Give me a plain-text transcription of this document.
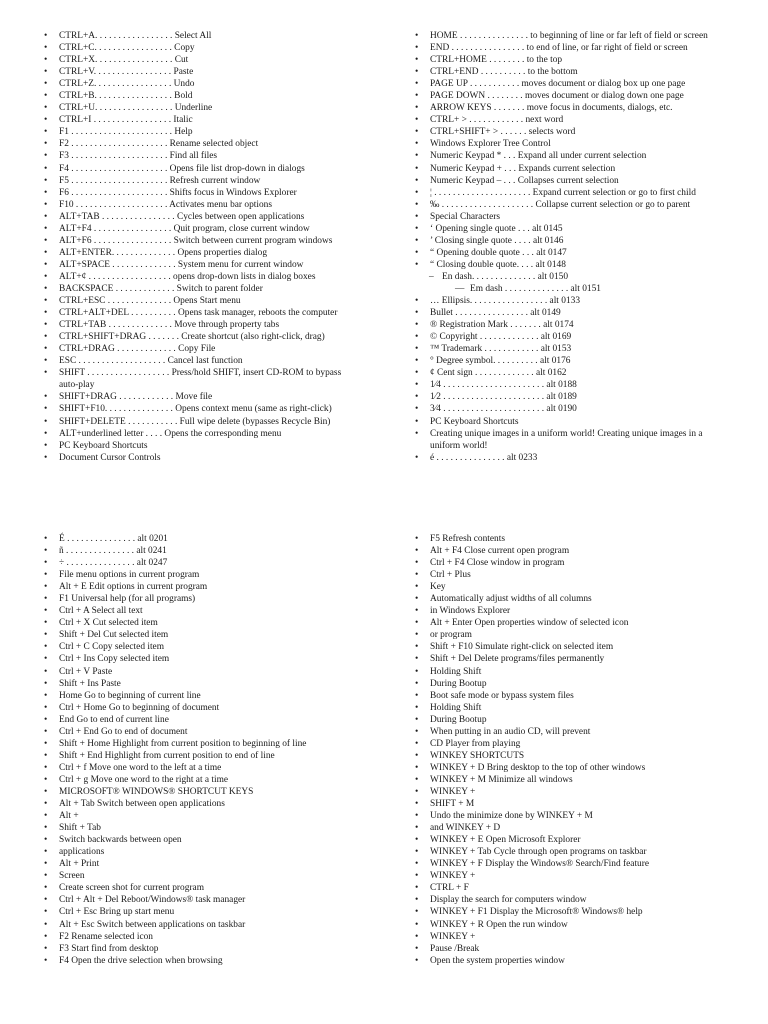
• CTRL+A. . . . . . . . . . . . . . . . . Select All
• CTRL+C. . . . . . . . . . . . . . . . . Copy
• CTRL+X. . . . . . . . . . . . . . . . . Cut
• CTRL+V. . . . . . . . . . . . . . . . . Paste
• CTRL+Z. . . . . . . . . . . . . . . . . Undo
• CTRL+B. . . . . . . . . . . . . . . . . Bold
• CTRL+U. . . . . . . . . . . . . . . . . Underline
• CTRL+I . . . . . . . . . . . . . . . . . Italic
• F1 . . . . . . . . . . . . . . . . . . . . . . Help
• F2 . . . . . . . . . . . . . . . . . . . . . Rename selected object
• F3 . . . . . . . . . . . . . . . . . . . . . Find all files
• F4 . . . . . . . . . . . . . . . . . . . . . Opens file list drop-down in dialogs
• F5 . . . . . . . . . . . . . . . . . . . . . Refresh current window
• F6 . . . . . . . . . . . . . . . . . . . . . Shifts focus in Windows Explorer
• F10 . . . . . . . . . . . . . . . . . . . . Activates menu bar options
• ALT+TAB . . . . . . . . . . . . . . . . Cycles between open applications
• ALT+F4 . . . . . . . . . . . . . . . . . Quit program, close current window
• ALT+F6 . . . . . . . . . . . . . . . . . Switch between current program windows
• ALT+ENTER. . . . . . . . . . . . . . Opens properties dialog
• ALT+SPACE . . . . . . . . . . . . . . System menu for current window
• ALT+¢ . . . . . . . . . . . . . . . . . . opens drop-down lists in dialog boxes
• BACKSPACE . . . . . . . . . . . . . Switch to parent folder
• CTRL+ESC . . . . . . . . . . . . . . Opens Start menu
• CTRL+ALT+DEL . . . . . . . . . . Opens task manager, reboots the computer
• CTRL+TAB . . . . . . . . . . . . . . Move through property tabs
• CTRL+SHIFT+DRAG . . . . . . . Create shortcut (also right-click, drag)
• CTRL+DRAG . . . . . . . . . . . . . Copy File
• ESC . . . . . . . . . . . . . . . . . . . Cancel last function
• SHIFT . . . . . . . . . . . . . . . . . . Press/hold SHIFT, insert CD-ROM to bypass auto-play
• SHIFT+DRAG . . . . . . . . . . . . Move file
• SHIFT+F10. . . . . . . . . . . . . . . Opens context menu (same as right-click)
• SHIFT+DELETE . . . . . . . . . . . Full wipe delete (bypasses Recycle Bin)
• ALT+underlined letter . . . . Opens the corresponding menu
• PC Keyboard Shortcuts
• Document Cursor Controls
• HOME . . . . . . . . . . . . . . . to beginning of line or far left of field or screen
• END . . . . . . . . . . . . . . . . to end of line, or far right of field or screen
• CTRL+HOME . . . . . . . . to the top
• CTRL+END . . . . . . . . . . to the bottom
• PAGE UP . . . . . . . . . . . moves document or dialog box up one page
• PAGE DOWN . . . . . . . . moves document or dialog down one page
• ARROW KEYS . . . . . . . move focus in documents, dialogs, etc.
• CTRL+ > . . . . . . . . . . . . next word
• CTRL+SHIFT+ > . . . . . . selects word
• Windows Explorer Tree Control
• Numeric Keypad * . . . Expand all under current selection
• Numeric Keypad + . . . Expands current selection
• Numeric Keypad – . . . Collapses current selection
• ¦ . . . . . . . . . . . . . . . . . . . . . Expand current selection or go to first child
• ‰ . . . . . . . . . . . . . . . . . . . . Collapse current selection or go to parent
• Special Characters
• ‘ Opening single quote . . . alt 0145
• ’ Closing single quote . . . . alt 0146
• “ Opening double quote . . . alt 0147
• “ Closing double quote. . . . alt 0148
– En dash. . . . . . . . . . . . . . alt 0150
— Em dash . . . . . . . . . . . . . . alt 0151
• … Ellipsis. . . . . . . . . . . . . . . . . alt 0133
• Bullet . . . . . . . . . . . . . . . . alt 0149
• ® Registration Mark . . . . . . . alt 0174
• © Copyright . . . . . . . . . . . . . alt 0169
• ™ Trademark . . . . . . . . . . . . alt 0153
• ° Degree symbol. . . . . . . . . . alt 0176
• ¢ Cent sign . . . . . . . . . . . . . alt 0162
• 1⁄4 . . . . . . . . . . . . . . . . . . . . . . alt 0188
• 1⁄2 . . . . . . . . . . . . . . . . . . . . . . alt 0189
• 3⁄4 . . . . . . . . . . . . . . . . . . . . . . alt 0190
• PC Keyboard Shortcuts
• Creating unique images in a uniform world! Creating unique images in a uniform world!
• é . . . . . . . . . . . . . . . alt 0233
• É . . . . . . . . . . . . . . . alt 0201
• ñ . . . . . . . . . . . . . . . alt 0241
• ÷ . . . . . . . . . . . . . . . alt 0247
• File menu options in current program
• Alt + E Edit options in current program
• F1 Universal help (for all programs)
• Ctrl + A Select all text
• Ctrl + X Cut selected item
• Shift + Del Cut selected item
• Ctrl + C Copy selected item
• Ctrl + Ins Copy selected item
• Ctrl + V Paste
• Shift + Ins Paste
• Home Go to beginning of current line
• Ctrl + Home Go to beginning of document
• End Go to end of current line
• Ctrl + End Go to end of document
• Shift + Home Highlight from current position to beginning of line
• Shift + End Highlight from current position to end of line
• Ctrl + f Move one word to the left at a time
• Ctrl + g Move one word to the right at a time
• MICROSOFT® WINDOWS® SHORTCUT KEYS
• Alt + Tab Switch between open applications
• Alt +
• Shift + Tab
• Switch backwards between open
• applications
• Alt + Print
• Screen
• Create screen shot for current program
• Ctrl + Alt + Del Reboot/Windows® task manager
• Ctrl + Esc Bring up start menu
• Alt + Esc Switch between applications on taskbar
• F2 Rename selected icon
• F3 Start find from desktop
• F4 Open the drive selection when browsing
• F5 Refresh contents
• Alt + F4 Close current open program
• Ctrl + F4 Close window in program
• Ctrl + Plus
• Key
• Automatically adjust widths of all columns
• in Windows Explorer
• Alt + Enter Open properties window of selected icon
• or program
• Shift + F10 Simulate right-click on selected item
• Shift + Del Delete programs/files permanently
• Holding Shift
• During Bootup
• Boot safe mode or bypass system files
• Holding Shift
• During Bootup
• When putting in an audio CD, will prevent
• CD Player from playing
• WINKEY SHORTCUTS
• WINKEY + D Bring desktop to the top of other windows
• WINKEY + M Minimize all windows
• WINKEY +
• SHIFT + M
• Undo the minimize done by WINKEY + M
• and WINKEY + D
• WINKEY + E Open Microsoft Explorer
• WINKEY + Tab Cycle through open programs on taskbar
• WINKEY + F Display the Windows® Search/Find feature
• WINKEY +
• CTRL + F
• Display the search for computers window
• WINKEY + F1 Display the Microsoft® Windows® help
• WINKEY + R Open the run window
• WINKEY +
• Pause /Break
• Open the system properties window
